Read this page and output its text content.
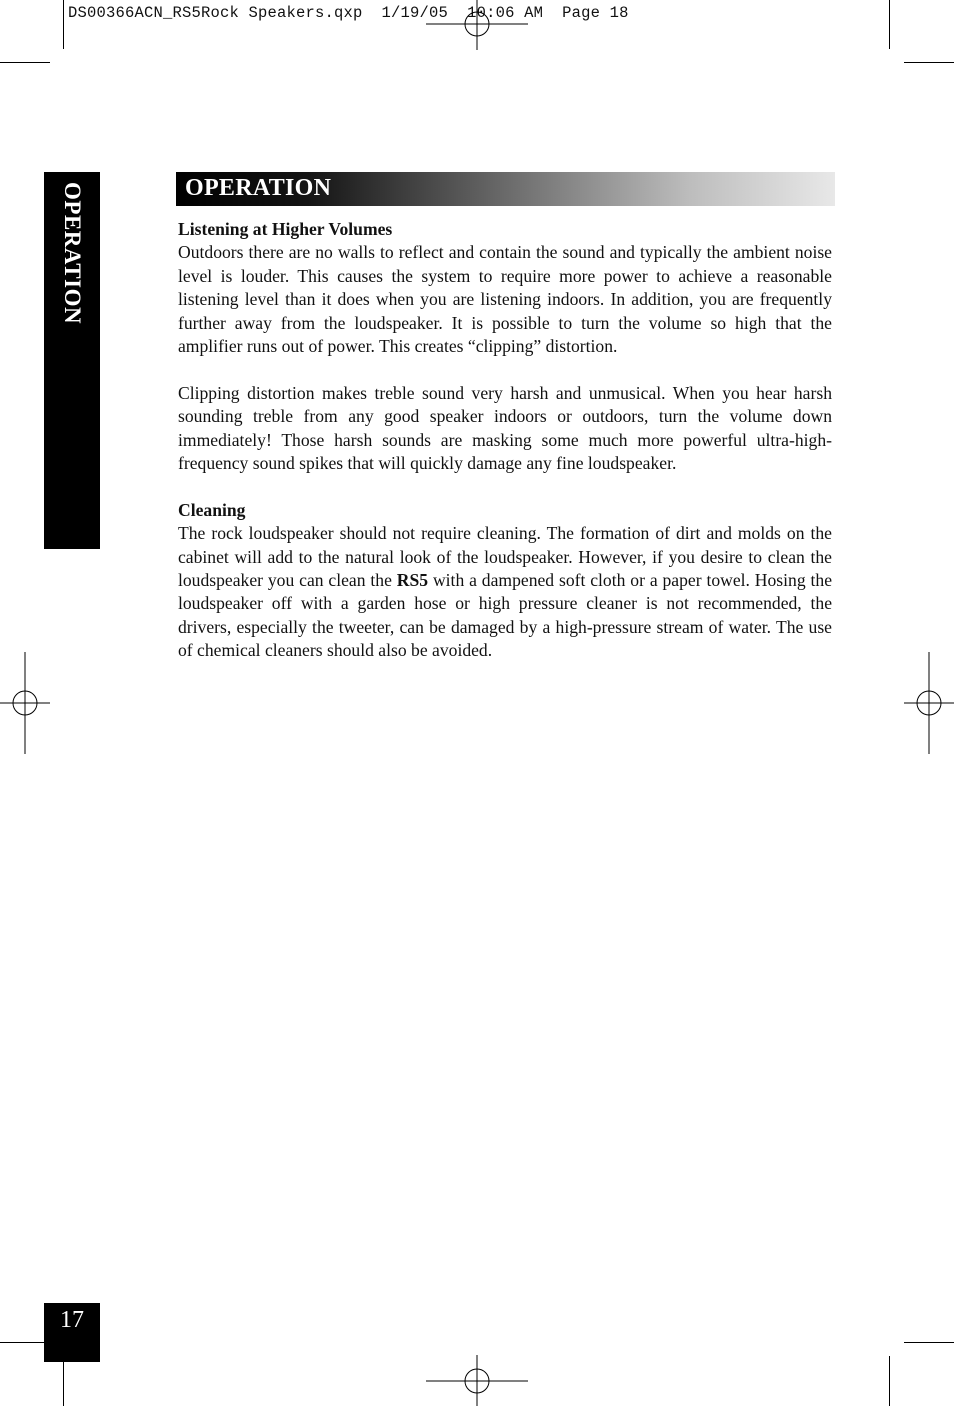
DS00366ACN_RS5Rock Speakers.qxp  1/19/05  10:06 AM  Page 18
OPERATION	OPERATION
Listening at Higher Volumes

Outdoors there are no walls to reflect and contain the sound and typically the ambient noise level is louder. This causes the system to require more power to achieve a reasonable listening level than it does when you are listening indoors. In addition, you are frequently further away from the loudspeaker. It is possible to turn the volume so high that the amplifier runs out of power. This creates “clipping” distortion.

Clipping distortion makes treble sound very harsh and unmusical. When you hear harsh sounding treble from any good speaker indoors or outdoors, turn the volume down immediately! Those harsh sounds are masking some much more powerful ultra-high-frequency sound spikes that will quickly damage any fine loudspeaker.

Cleaning

The rock loudspeaker should not require cleaning. The formation of dirt and molds on the cabinet will add to the natural look of the loudspeaker. However, if you desire to clean the loudspeaker you can clean the RS5 with a dampened soft cloth or a paper towel. Hosing the loudspeaker off with a garden hose or high pressure cleaner is not recommended, the drivers, especially the tweeter, can be damaged by a high-pressure stream of water. The use of chemical cleaners should also be avoided.

17
